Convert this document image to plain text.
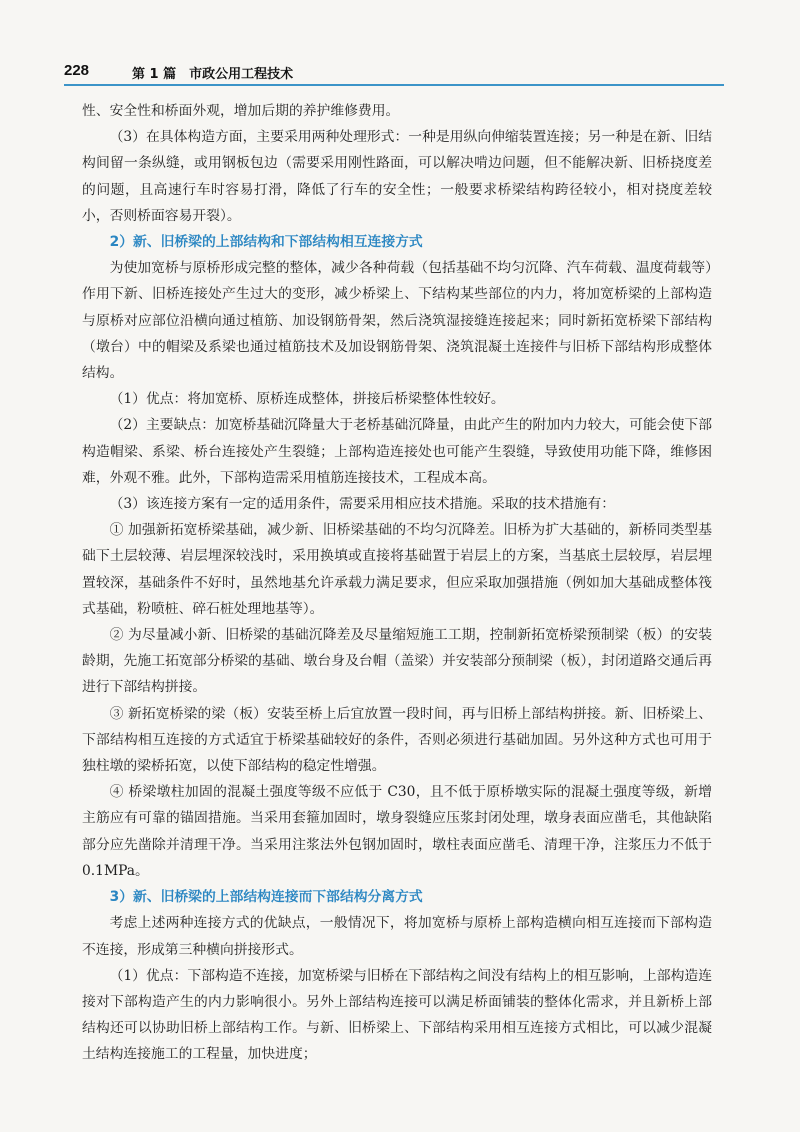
228	第 1 篇　市政公用工程技术

性、安全性和桥面外观，增加后期的养护维修费用。

（3）在具体构造方面，主要采用两种处理形式：一种是用纵向伸缩装置连接；另一种是在新、旧结构间留一条纵缝，或用钢板包边（需要采用刚性路面，可以解决啃边问题，但不能解决新、旧桥挠度差的问题，且高速行车时容易打滑，降低了行车的安全性；一般要求桥梁结构跨径较小，相对挠度差较小，否则桥面容易开裂）。

2）新、旧桥梁的上部结构和下部结构相互连接方式

为使加宽桥与原桥形成完整的整体，减少各种荷载（包括基础不均匀沉降、汽车荷载、温度荷载等）作用下新、旧桥连接处产生过大的变形，减少桥梁上、下结构某些部位的内力，将加宽桥梁的上部构造与原桥对应部位沿横向通过植筋、加设钢筋骨架，然后浇筑湿接缝连接起来；同时新拓宽桥梁下部结构（墩台）中的帽梁及系梁也通过植筋技术及加设钢筋骨架、浇筑混凝土连接件与旧桥下部结构形成整体结构。

（1）优点：将加宽桥、原桥连成整体，拼接后桥梁整体性较好。

（2）主要缺点：加宽桥基础沉降量大于老桥基础沉降量，由此产生的附加内力较大，可能会使下部构造帽梁、系梁、桥台连接处产生裂缝；上部构造连接处也可能产生裂缝，导致使用功能下降，维修困难，外观不雅。此外，下部构造需采用植筋连接技术，工程成本高。

（3）该连接方案有一定的适用条件，需要采用相应技术措施。采取的技术措施有：

① 加强新拓宽桥梁基础，减少新、旧桥梁基础的不均匀沉降差。旧桥为扩大基础的，新桥同类型基础下土层较薄、岩层埋深较浅时，采用换填或直接将基础置于岩层上的方案，当基底土层较厚，岩层埋置较深，基础条件不好时，虽然地基允许承载力满足要求，但应采取加强措施（例如加大基础成整体筏式基础，粉喷桩、碎石桩处理地基等）。

② 为尽量减小新、旧桥梁的基础沉降差及尽量缩短施工工期，控制新拓宽桥梁预制梁（板）的安装龄期，先施工拓宽部分桥梁的基础、墩台身及台帽（盖梁）并安装部分预制梁（板），封闭道路交通后再进行下部结构拼接。

③ 新拓宽桥梁的梁（板）安装至桥上后宜放置一段时间，再与旧桥上部结构拼接。新、旧桥梁上、下部结构相互连接的方式适宜于桥梁基础较好的条件，否则必须进行基础加固。另外这种方式也可用于独柱墩的梁桥拓宽，以使下部结构的稳定性增强。

④ 桥梁墩柱加固的混凝土强度等级不应低于 C30，且不低于原桥墩实际的混凝土强度等级，新增主筋应有可靠的锚固措施。当采用套箍加固时，墩身裂缝应压浆封闭处理，墩身表面应凿毛，其他缺陷部分应先凿除并清理干净。当采用注浆法外包钢加固时，墩柱表面应凿毛、清理干净，注浆压力不低于 0.1MPa。

3）新、旧桥梁的上部结构连接而下部结构分离方式

考虑上述两种连接方式的优缺点，一般情况下，将加宽桥与原桥上部构造横向相互连接而下部构造不连接，形成第三种横向拼接形式。

（1）优点：下部构造不连接，加宽桥梁与旧桥在下部结构之间没有结构上的相互影响，上部构造连接对下部构造产生的内力影响很小。另外上部结构连接可以满足桥面铺装的整体化需求，并且新桥上部结构还可以协助旧桥上部结构工作。与新、旧桥梁上、下部结构采用相互连接方式相比，可以减少混凝土结构连接施工的工程量，加快进度；
